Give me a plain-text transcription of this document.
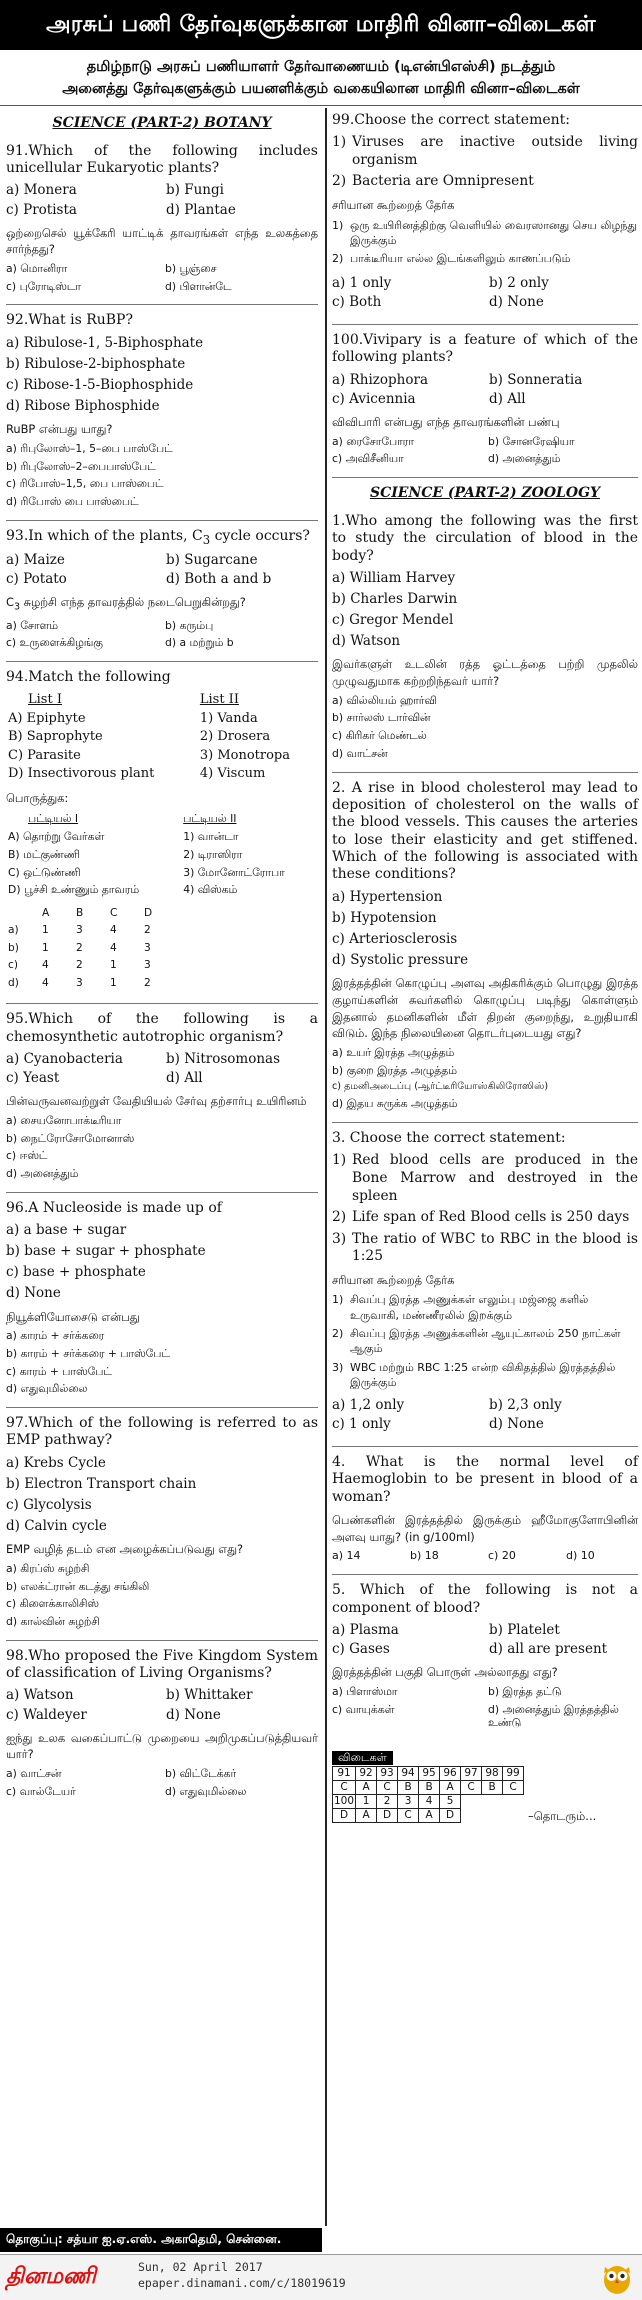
அரசுப் பணி தேர்வுகளுக்கான மாதிரி வினா–விடைகள்
தமிழ்நாடு அரசுப் பணியாளர் தேர்வாணையம் (டிஎன்பிஎஸ்சி) நடத்தும்
அனைத்து தேர்வுகளுக்கும் பயனளிக்கும் வகையிலான மாதிரி வினா–விடைகள்
SCIENCE (PART-2) BOTANY
91.Which of the following includes unicellular Eukaryotic plants?
a) Monera	b) Fungi
c) Protista	d) Plantae
ஒற்றைசெல் யூக்கேரி யாட்டிக் தாவரங்கள் எந்த உலகத்தை சார்ந்தது?
a) மொனிரா	b) பூஞ்சை
c) புரோடிஸ்டா	d) பிளான்டே
92.What is RuBP?
a) Ribulose-1, 5-Biphosphate
b) Ribulose-2-biphosphate
c) Ribose-1-5-Biophosphide
d) Ribose Biphosphide
RuBP என்பது யாது?
a) ரிபுலோஸ்–1, 5–பை பாஸ்பேட்
b) ரிபுலோஸ்–2–பைபாஸ்பேட்
c) ரிபோஸ்–1,5, பை பாஸ்பைட்
d) ரிபோஸ் பை பாஸ்பைட்
93.In which of the plants, $C_3$ cycle occurs?
a) Maize	b) Sugarcane
c) Potato	d) Both a and b
$C_3$ சுழற்சி எந்த தாவரத்தில் நடைபெறுகின்றது?
a) சோளம்	b) கரும்பு
c) உருளைக்கிழங்கு	d) a மற்றும் b
94.Match the following
List I	List II
A) Epiphyte	1) Vanda
B) Saprophyte	2) Drosera
C) Parasite	3) Monotropa
D) Insectivorous plant	4) Viscum
பொருத்துக:
பட்டியல் I	பட்டியல் II
A) தொற்று வேர்கள்	1) வான்டா
B) மட்குண்ணி	2) டிராஸிரா
C) ஒட்டுண்ணி	3) மோனோட்ரோபா
D) பூச்சி உண்ணும் தாவரம்	4) விஸ்கம்
	A	B	C	D
a)	1	3	4	2
b)	1	2	4	3
c)	4	2	1	3
d)	4	3	1	2
95.Which of the following is a chemosynthetic autotrophic organism?
a) Cyanobacteria	b) Nitrosomonas
c) Yeast	d) All
பின்வருவனவற்றுள் வேதியியல் சேர்வு தற்சார்பு உயிரினம்
a) சையனோபாக்டீரியா
b) நைட்ரோசோமோனாஸ்
c) ஈஸ்ட்
d) அனைத்தும்
96.A Nucleoside is made up of
a) a base + sugar
b) base + sugar + phosphate
c) base + phosphate
d) None
நியூக்ளியோசைடு என்பது
a) காரம் + சர்க்கரை
b) காரம் + சர்க்கரை + பாஸ்பேட்
c) காரம் + பாஸ்பேட்
d) எதுவுமில்லை
97.Which of the following is referred to as EMP pathway?
a) Krebs Cycle
b) Electron Transport chain
c) Glycolysis
d) Calvin cycle
EMP வழித் தடம் என அழைக்கப்படுவது எது?
a) கிரப்ஸ் சுழற்சி
b) எலக்ட்ரான் கடத்து சங்கிலி
c) கிளைக்காலிசிஸ்
d) கால்வின் சுழற்சி
98.Who proposed the Five Kingdom System of classification of Living Organisms?
a) Watson	b) Whittaker
c) Waldeyer	d) None
ஐந்து உலக வகைப்பாட்டு முறையை அறிமுகப்படுத்தியவர் யார்?
a) வாட்சன்	b) விட்டேக்கர்
c) வால்டேயர்	d) எதுவுமில்லை
99.Choose the correct statement:
1) Viruses are inactive outside living organism
2) Bacteria are Omnipresent
சரியான கூற்றைத் தேர்க
1) ஒரு உயிரினத்திற்கு வெளியில் வைரஸானது செய லிழந்து இருக்கும்
2) பாக்டீரியா எல்ல இடங்களிலும் காணப்படும்
a) 1 only	b) 2 only
c) Both	d) None
100.Vivipary is a feature of which of the following plants?
a) Rhizophora	b) Sonneratia
c) Avicennia	d) All
விவிபாரி என்பது எந்த தாவரங்களின் பண்பு
a) ரைசோபோரா	b) சோனரேஷியா
c) அவிசீனியா	d) அனைத்தும்
SCIENCE (PART-2) ZOOLOGY
1.Who among the following was the first to study the circulation of blood in the body?
a) William Harvey
b) Charles Darwin
c) Gregor Mendel
d) Watson
இவர்களுள் உடலின் ரத்த ஓட்டத்தை பற்றி முதலில் முழுவதுமாக கற்றறிந்தவர் யார்?
a) வில்லியம் ஹார்வி
b) சார்லஸ் டார்வின்
c) கிரிகர் மெண்டல்
d) வாட்சன்
2. A rise in blood cholesterol may lead to deposition of cholesterol on the walls of the blood vessels. This causes the arteries to lose their elasticity and get stiffened. Which of the following is associated with these conditions?
a) Hypertension
b) Hypotension
c) Arteriosclerosis
d) Systolic pressure
இரத்தத்தின் கொழுப்பு அளவு அதிகரிக்கும் பொழுது இரத்த குழாய்களின் சுவர்களில் கொழுப்பு படிந்து கொள்ளும் இதனால் தமனிகளின் மீள் திறன் குறைந்து, உறுதியாகி விடும். இந்த நிலையினை தொடர்புடையது எது?
a) உயர் இரத்த அழுத்தம்
b) குறை இரத்த அழுத்தம்
c) தமனிஅடைப்பு (ஆர்ட்டீரியோஸ்கிலிரோஸிஸ்)
d) இதய சுருக்க அழுத்தம்
3. Choose the correct statement:
1) Red blood cells are produced in the Bone Marrow and destroyed in the spleen
2) Life span of Red Blood cells is 250 days
3) The ratio of WBC to RBC in the blood is 1:25
சரியான கூற்றைத் தேர்க
1) சிவப்பு இரத்த அணுக்கள் எலும்பு மஜ்ஜை களில் உருவாகி, மண்ணீரலில் இறக்கும்
2) சிவப்பு இரத்த அணுக்களின் ஆயுட்காலம் 250 நாட்கள் ஆகும்
3) WBC மற்றும் RBC 1:25 என்ற விகிதத்தில் இரத்தத்தில் இருக்கும்
a) 1,2 only	b) 2,3 only
c) 1 only	d) None
4. What is the normal level of Haemoglobin to be present in blood of a woman?
பெண்களின் இரத்தத்தில் இருக்கும் ஹீமோகுளோபினின் அளவு யாது? (in g/100ml)
a) 14	b) 18	c) 20	d) 10
5. Which of the following is not a component of blood?
a) Plasma	b) Platelet
c) Gases	d) all are present
இரத்தத்தின் பகுதி பொருள் அல்லாதது எது?
a) பிளாஸ்மா	b) இரத்த தட்டு
c) வாயுக்கள்	d) அனைத்தும் இரத்தத்தில் உண்டு
விடைகள்
91	92	93	94	95	96	97	98	99
C	A	C	B	B	A	C	B	C
100	1	2	3	4	5			
D	A	D	C	A	D				–தொடரும்...
தொகுப்பு: சத்யா ஐ.ஏ.எஸ். அகாதெமி, சென்னை.
தினமணி	Sun, 02 April 2017
epaper.dinamani.com/c/18019619
